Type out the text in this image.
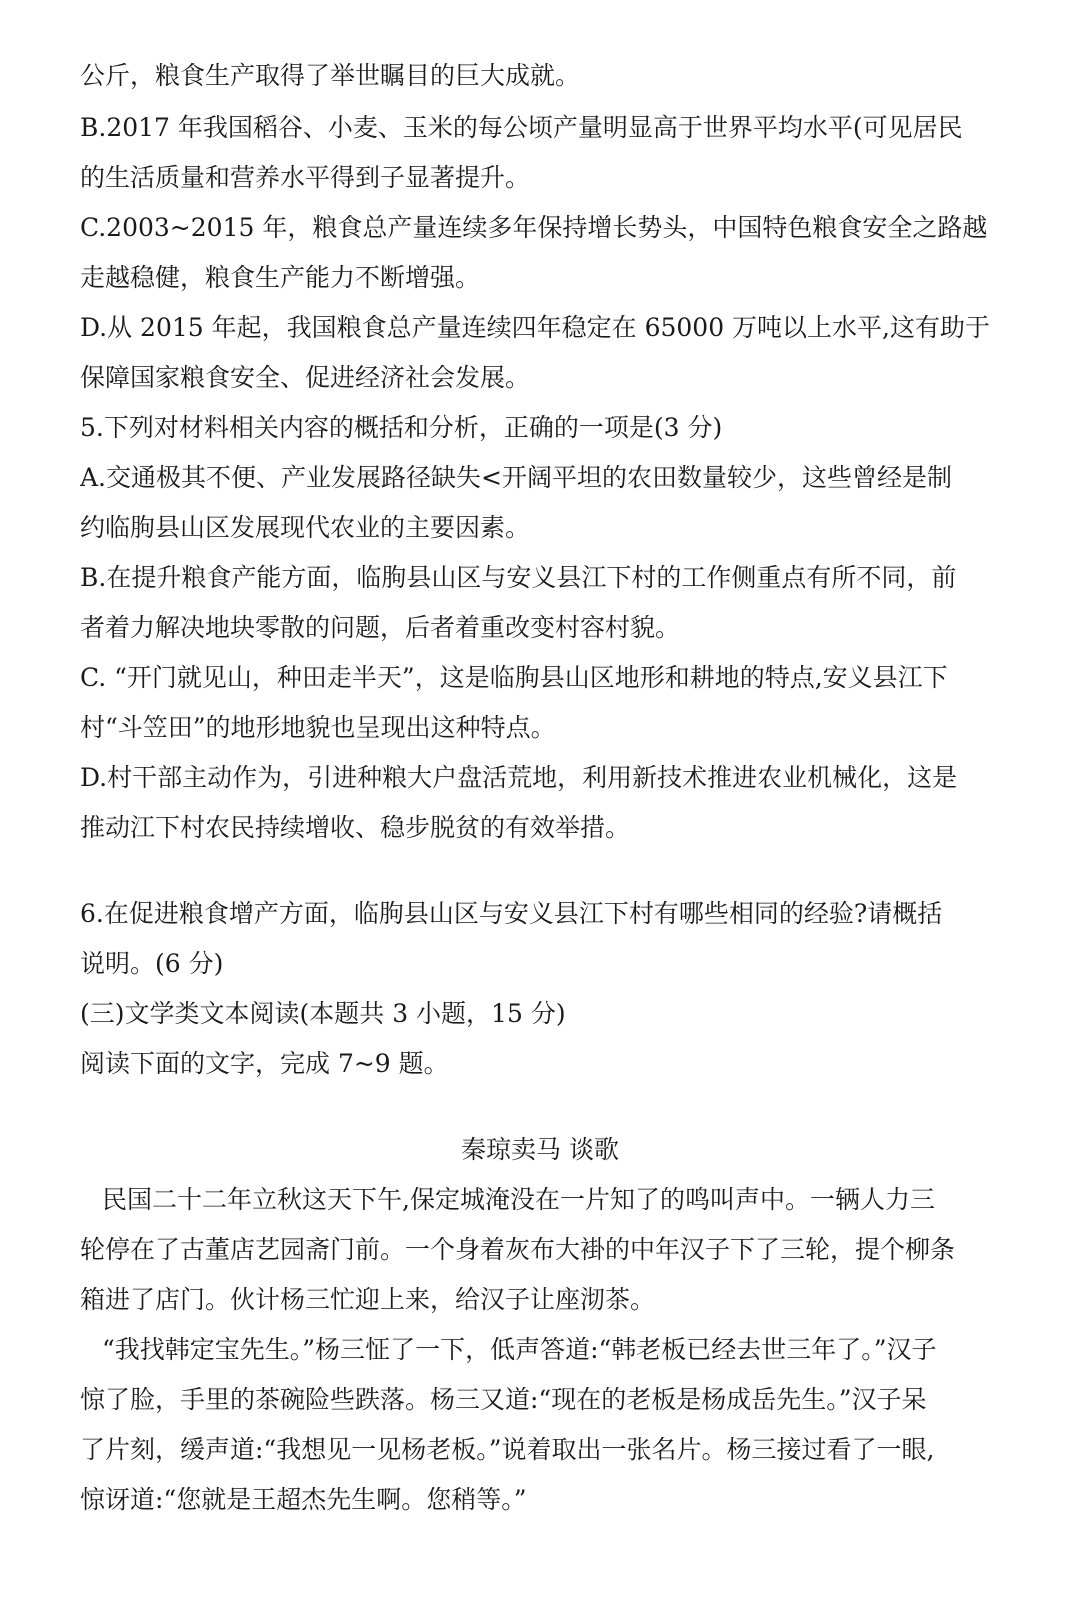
公斤，粮食生产取得了举世瞩目的巨大成就。
B.2017 年我国稻谷、小麦、玉米的每公顷产量明显高于世界平均水平(可见居民
的生活质量和营养水平得到子显著提升。
C.2003~2015 年，粮食总产量连续多年保持增长势头，中国特色粮食安全之路越
走越稳健，粮食生产能力不断增强。
D.从 2015 年起，我国粮食总产量连续四年稳定在 65000 万吨以上水平,这有助于
保障国家粮食安全、促进经济社会发展。
5.下列对材料相关内容的概括和分析，正确的一项是(3 分)
A.交通极其不便、产业发展路径缺失<开阔平坦的农田数量较少，这些曾经是制
约临朐县山区发展现代农业的主要因素。
B.在提升粮食产能方面，临朐县山区与安义县江下村的工作侧重点有所不同，前
者着力解决地块零散的问题，后者着重改变村容村貌。
C. “开门就见山，种田走半天”，这是临朐县山区地形和耕地的特点,安义县江下
村“斗笠田”的地形地貌也呈现出这种特点。
D.村干部主动作为，引进种粮大户盘活荒地，利用新技术推进农业机械化，这是
推动江下村农民持续增收、稳步脱贫的有效举措。
6.在促进粮食增产方面，临朐县山区与安义县江下村有哪些相同的经验?请概括
说明。(6 分)
(三)文学类文本阅读(本题共 3 小题，15 分)
阅读下面的文字，完成 7~9 题。
秦琼卖马 谈歌
民国二十二年立秋这天下午,保定城淹没在一片知了的鸣叫声中。一辆人力三
轮停在了古董店艺园斋门前。一个身着灰布大褂的中年汉子下了三轮，提个柳条
箱进了店门。伙计杨三忙迎上来，给汉子让座沏茶。
“我找韩定宝先生。”杨三怔了一下，低声答道:“韩老板已经去世三年了。”汉子
惊了脸，手里的茶碗险些跌落。杨三又道:“现在的老板是杨成岳先生。”汉子呆
了片刻，缓声道:“我想见一见杨老板。”说着取出一张名片。杨三接过看了一眼,
惊讶道:“您就是王超杰先生啊。您稍等。”
